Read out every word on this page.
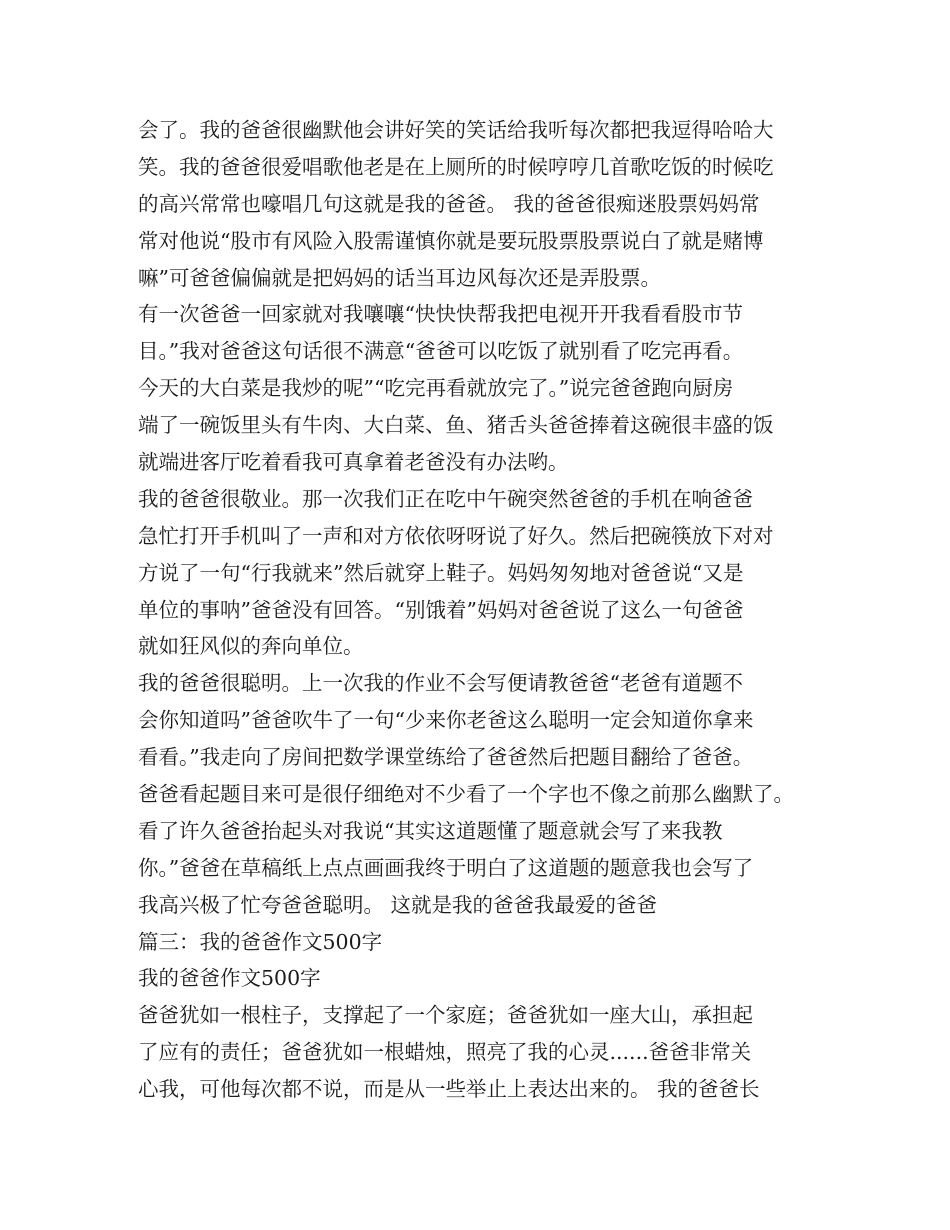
会了。我的爸爸很幽默他会讲好笑的笑话给我听每次都把我逗得哈哈大
笑。我的爸爸很爱唱歌他老是在上厕所的时候哼哼几首歌吃饭的时候吃
的高兴常常也嚎唱几句这就是我的爸爸。 我的爸爸很痴迷股票妈妈常
常对他说“股市有风险入股需谨慎你就是要玩股票股票说白了就是赌博
嘛”可爸爸偏偏就是把妈妈的话当耳边风每次还是弄股票。
有一次爸爸一回家就对我嚷嚷“快快快帮我把电视开开我看看股市节
目。”我对爸爸这句话很不满意“爸爸可以吃饭了就别看了吃完再看。
今天的大白菜是我炒的呢”“吃完再看就放完了。”说完爸爸跑向厨房
端了一碗饭里头有牛肉、大白菜、鱼、猪舌头爸爸捧着这碗很丰盛的饭
就端进客厅吃着看我可真拿着老爸没有办法哟。
我的爸爸很敬业。那一次我们正在吃中午碗突然爸爸的手机在响爸爸
急忙打开手机叫了一声和对方依依呀呀说了好久。然后把碗筷放下对对
方说了一句“行我就来”然后就穿上鞋子。妈妈匆匆地对爸爸说“又是
单位的事呐”爸爸没有回答。“别饿着”妈妈对爸爸说了这么一句爸爸
就如狂风似的奔向单位。
我的爸爸很聪明。上一次我的作业不会写便请教爸爸“老爸有道题不
会你知道吗”爸爸吹牛了一句“少来你老爸这么聪明一定会知道你拿来
看看。”我走向了房间把数学课堂练给了爸爸然后把题目翻给了爸爸。
爸爸看起题目来可是很仔细绝对不少看了一个字也不像之前那么幽默了。
看了许久爸爸抬起头对我说“其实这道题懂了题意就会写了来我教
你。”爸爸在草稿纸上点点画画我终于明白了这道题的题意我也会写了
我高兴极了忙夸爸爸聪明。 这就是我的爸爸我最爱的爸爸
篇三：我的爸爸作文500字
我的爸爸作文500字
爸爸犹如一根柱子，支撑起了一个家庭；爸爸犹如一座大山，承担起
了应有的责任；爸爸犹如一根蜡烛，照亮了我的心灵......爸爸非常关
心我，可他每次都不说，而是从一些举止上表达出来的。 我的爸爸长
